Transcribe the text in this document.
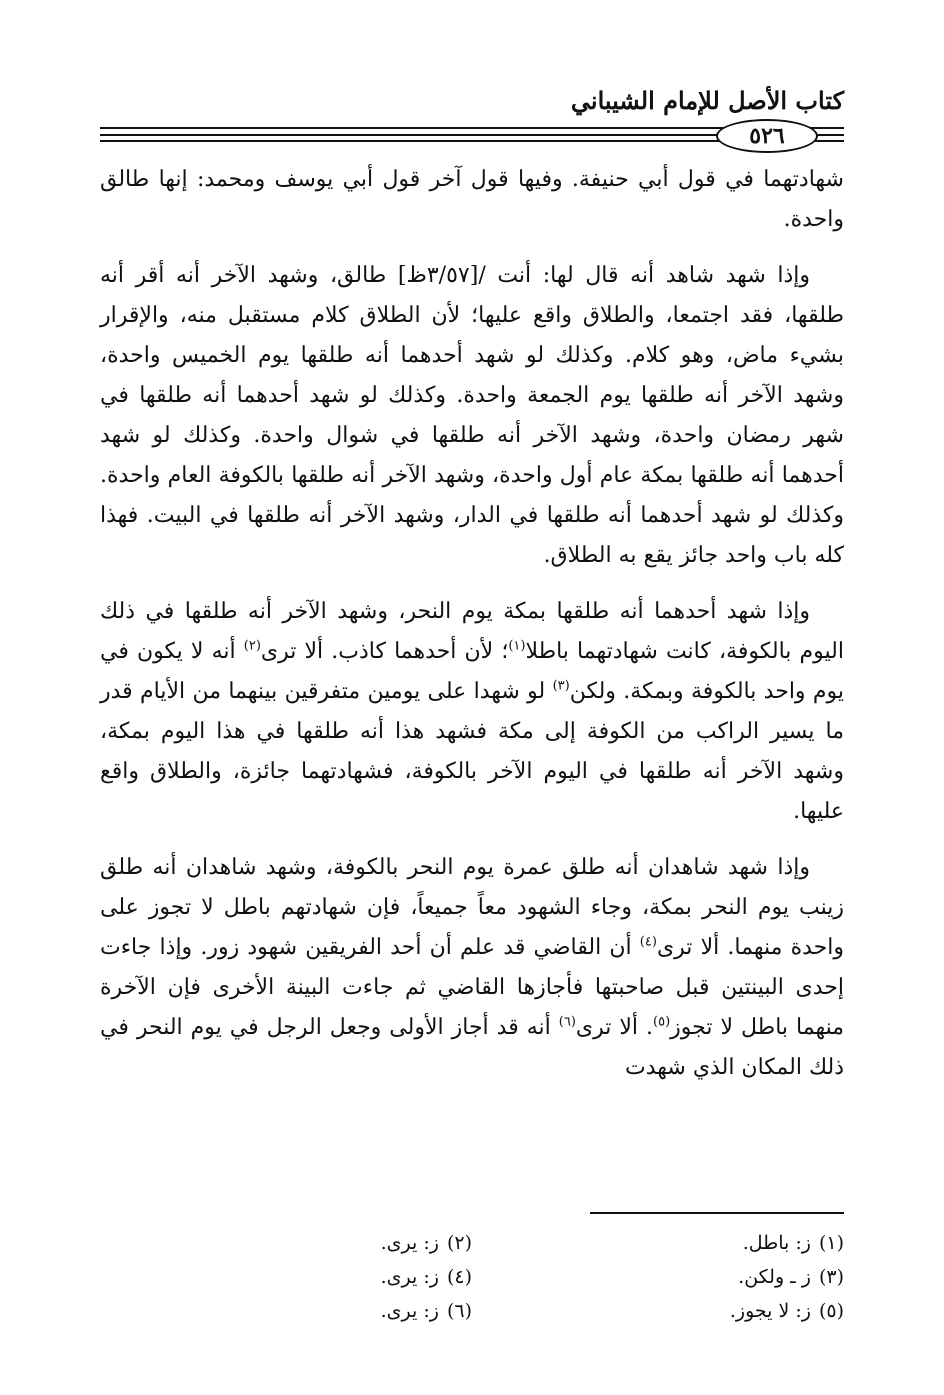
كتاب الأصل للإمام الشيباني
٥٢٦

شهادتهما في قول أبي حنيفة. وفيها قول آخر قول أبي يوسف ومحمد: إنها طالق واحدة.

وإذا شهد شاهد أنه قال لها: أنت /[٣/٥٧ظ] طالق، وشهد الآخر أنه أقر أنه طلقها، فقد اجتمعا، والطلاق واقع عليها؛ لأن الطلاق كلام مستقبل منه، والإقرار بشيء ماض، وهو كلام. وكذلك لو شهد أحدهما أنه طلقها يوم الخميس واحدة، وشهد الآخر أنه طلقها يوم الجمعة واحدة. وكذلك لو شهد أحدهما أنه طلقها في شهر رمضان واحدة، وشهد الآخر أنه طلقها في شوال واحدة. وكذلك لو شهد أحدهما أنه طلقها بمكة عام أول واحدة، وشهد الآخر أنه طلقها بالكوفة العام واحدة. وكذلك لو شهد أحدهما أنه طلقها في الدار، وشهد الآخر أنه طلقها في البيت. فهذا كله باب واحد جائز يقع به الطلاق.

وإذا شهد أحدهما أنه طلقها بمكة يوم النحر، وشهد الآخر أنه طلقها في ذلك اليوم بالكوفة، كانت شهادتهما باطلا$^{(١)}$؛ لأن أحدهما كاذب. ألا ترى$^{(٢)}$ أنه لا يكون في يوم واحد بالكوفة وبمكة. ولكن$^{(٣)}$ لو شهدا على يومين متفرقين بينهما من الأيام قدر ما يسير الراكب من الكوفة إلى مكة فشهد هذا أنه طلقها في هذا اليوم بمكة، وشهد الآخر أنه طلقها في اليوم الآخر بالكوفة، فشهادتهما جائزة، والطلاق واقع عليها.

وإذا شهد شاهدان أنه طلق عمرة يوم النحر بالكوفة، وشهد شاهدان أنه طلق زينب يوم النحر بمكة، وجاء الشهود معاً جميعاً، فإن شهادتهم باطل لا تجوز على واحدة منهما. ألا ترى$^{(٤)}$ أن القاضي قد علم أن أحد الفريقين شهود زور. وإذا جاءت إحدى البينتين قبل صاحبتها فأجازها القاضي ثم جاءت البينة الأخرى فإن الآخرة منهما باطل لا تجوز$^{(٥)}$. ألا ترى$^{(٦)}$ أنه قد أجاز الأولى وجعل الرجل في يوم النحر في ذلك المكان الذي شهدت

(١)ز: باطل.
(٢)ز: يرى.
(٣)ز ـ ولكن.
(٤)ز: يرى.
(٥)ز: لا يجوز.
(٦)ز: يرى.
